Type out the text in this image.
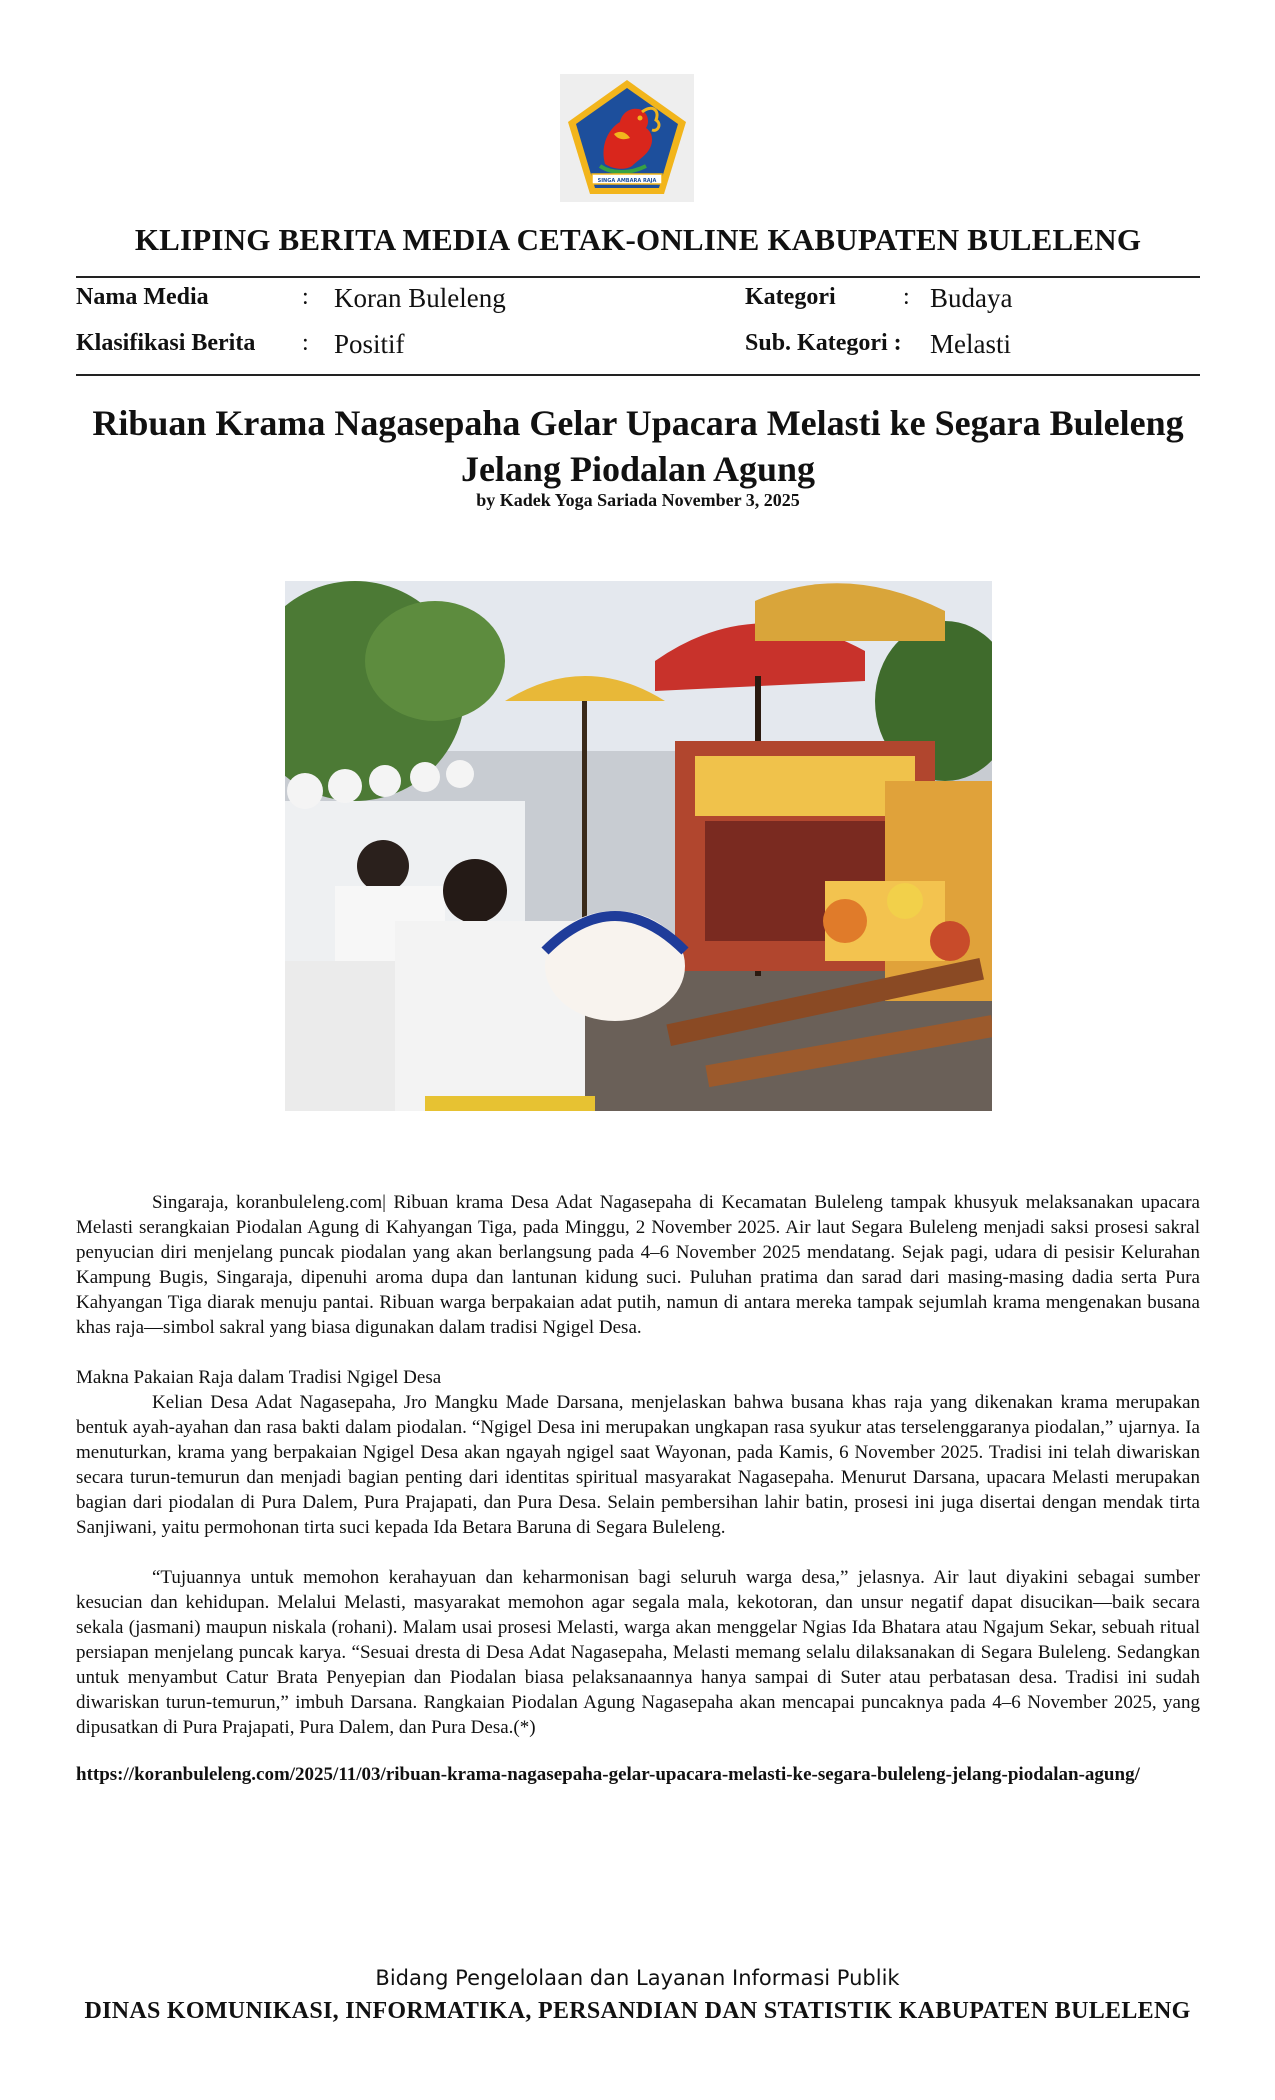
SINGA AMBARA RAJA
KLIPING BERITA MEDIA CETAK-ONLINE KABUPATEN BULELENG
Nama Media	: Koran Buleleng	Kategori	: Budaya
Klasifikasi Berita : Positif	Sub. Kategori : Melasti
Ribuan Krama Nagasepaha Gelar Upacara Melasti ke Segara Buleleng
Jelang Piodalan Agung
by Kadek Yoga Sariada November 3, 2025

Singaraja, koranbuleleng.com| Ribuan krama Desa Adat Nagasepaha di Kecamatan Buleleng tampak khusyuk melaksanakan upacara Melasti serangkaian Piodalan Agung di Kahyangan Tiga, pada Minggu, 2 November 2025. Air laut Segara Buleleng menjadi saksi prosesi sakral penyucian diri menjelang puncak piodalan yang akan berlangsung pada 4–6 November 2025 mendatang. Sejak pagi, udara di pesisir Kelurahan Kampung Bugis, Singaraja, dipenuhi aroma dupa dan lantunan kidung suci. Puluhan pratima dan sarad dari masing-masing dadia serta Pura Kahyangan Tiga diarak menuju pantai. Ribuan warga berpakaian adat putih, namun di antara mereka tampak sejumlah krama mengenakan busana khas raja—simbol sakral yang biasa digunakan dalam tradisi Ngigel Desa.

Makna Pakaian Raja dalam Tradisi Ngigel Desa

Kelian Desa Adat Nagasepaha, Jro Mangku Made Darsana, menjelaskan bahwa busana khas raja yang dikenakan krama merupakan bentuk ayah-ayahan dan rasa bakti dalam piodalan. “Ngigel Desa ini merupakan ungkapan rasa syukur atas terselenggaranya piodalan,” ujarnya. Ia menuturkan, krama yang berpakaian Ngigel Desa akan ngayah ngigel saat Wayonan, pada Kamis, 6 November 2025. Tradisi ini telah diwariskan secara turun-temurun dan menjadi bagian penting dari identitas spiritual masyarakat Nagasepaha. Menurut Darsana, upacara Melasti merupakan bagian dari piodalan di Pura Dalem, Pura Prajapati, dan Pura Desa. Selain pembersihan lahir batin, prosesi ini juga disertai dengan mendak tirta Sanjiwani, yaitu permohonan tirta suci kepada Ida Betara Baruna di Segara Buleleng.

“Tujuannya untuk memohon kerahayuan dan keharmonisan bagi seluruh warga desa,” jelasnya. Air laut diyakini sebagai sumber kesucian dan kehidupan. Melalui Melasti, masyarakat memohon agar segala mala, kekotoran, dan unsur negatif dapat disucikan—baik secara sekala (jasmani) maupun niskala (rohani). Malam usai prosesi Melasti, warga akan menggelar Ngias Ida Bhatara atau Ngajum Sekar, sebuah ritual persiapan menjelang puncak karya. “Sesuai dresta di Desa Adat Nagasepaha, Melasti memang selalu dilaksanakan di Segara Buleleng. Sedangkan untuk menyambut Catur Brata Penyepian dan Piodalan biasa pelaksanaannya hanya sampai di Suter atau perbatasan desa. Tradisi ini sudah diwariskan turun-temurun,” imbuh Darsana. Rangkaian Piodalan Agung Nagasepaha akan mencapai puncaknya pada 4–6 November 2025, yang dipusatkan di Pura Prajapati, Pura Dalem, dan Pura Desa.(*)

https://koranbuleleng.com/2025/11/03/ribuan-krama-nagasepaha-gelar-upacara-melasti-ke-segara-buleleng-jelang-piodalan-agung/
Bidang Pengelolaan dan Layanan Informasi Publik
DINAS KOMUNIKASI, INFORMATIKA, PERSANDIAN DAN STATISTIK KABUPATEN BULELENG
